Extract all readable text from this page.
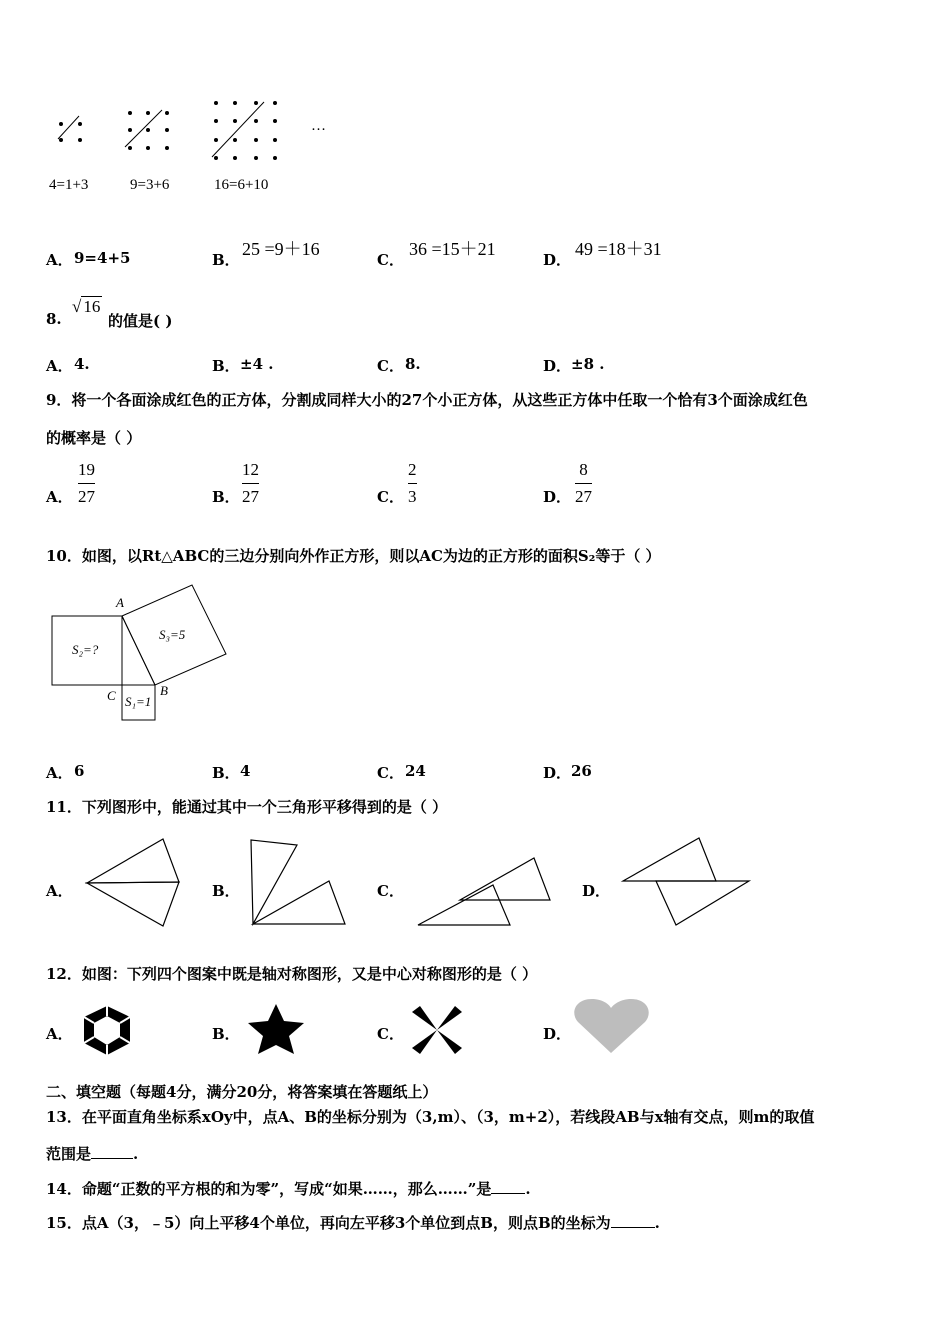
…
4=1+3	9=3+6	16=6+10
A． 9=4+5	B．
25 =9＋16
C．
36 =15＋21
D．
49 =18＋31
8.
√ 16
的值是( )
A． 4.	B． ±4 .	C． 8.	D． ±8 .
9．将一个各面涂成红色的正方体，分割成同样大小的27个小正方体，从这些正方体中任取一个恰有3个面涂成红色
的概率是（ ）
A．
19
27	B．
12
27	C．
2
3	D．
8
27
10．如图，以Rt△ABC的三边分别向外作正方形，则以AC为边的正方形的面积S₂等于（ ）
A
B
C
S₂=?
S₃=5
S₁=1
A． 6	B． 4	C． 24	D． 26
11．下列图形中，能通过其中一个三角形平移得到的是（ ）
A．	B．	C．	D．
12．如图：下列四个图案中既是轴对称图形，又是中心对称图形的是（ ）
A．	B．	C．	D．
二、填空题（每题4分，满分20分，将答案填在答题纸上）
13．在平面直角坐标系xOy中，点A、B的坐标分别为（3,m）、（3，m+2），若线段AB与x轴有交点，则m的取值
范围是	.
14．命题“正数的平方根的和为零”，写成“如果……，那么……”是 .
15．点A（3，﹣5）向上平移4个单位，再向左平移3个单位到点B，则点B的坐标为	.
